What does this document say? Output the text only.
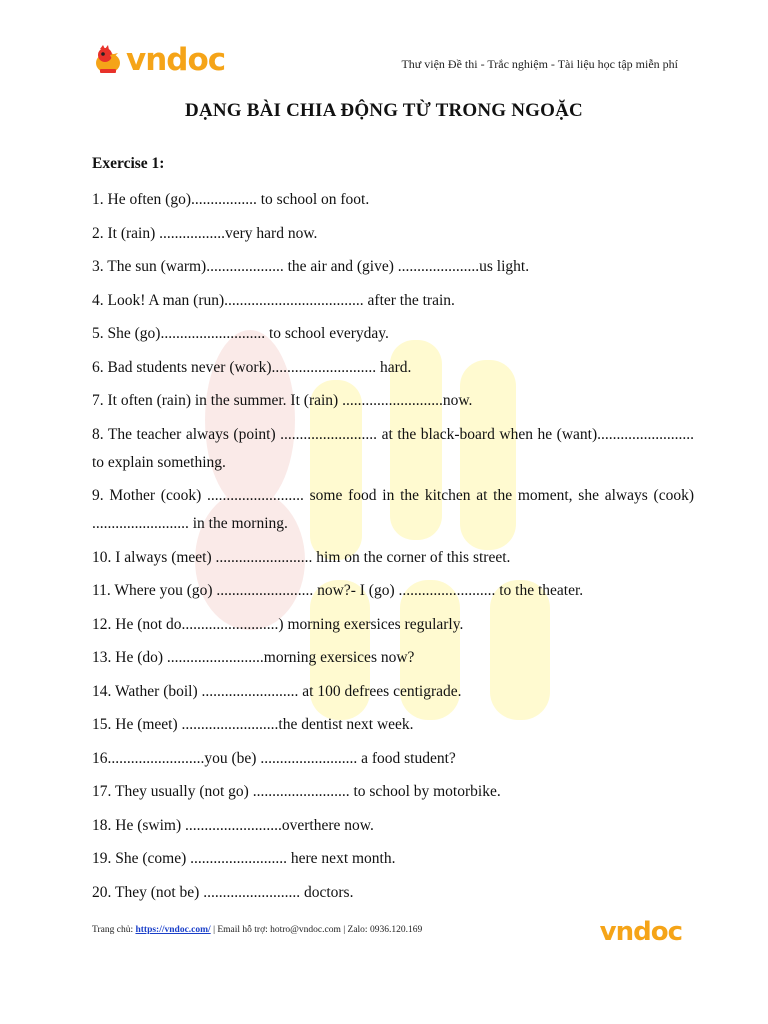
vndoc	Thư viện Đề thi - Trắc nghiệm - Tài liệu học tập miễn phí
DẠNG BÀI CHIA ĐỘNG TỪ TRONG NGOẶC
Exercise 1:
1. He often (go)................. to school on foot.
2. It (rain) .................very hard now.
3. The sun (warm).................... the air and (give) .....................us light.
4. Look! A man (run).................................... after the train.
5. She (go)........................... to school everyday.
6. Bad students never (work)........................... hard.
7. It often (rain) in the summer. It (rain) ..........................now.
8. The teacher always (point) ......................... at the black-board when he (want)......................... to explain something.
9. Mother (cook) ......................... some food in the kitchen at the moment, she always (cook) ......................... in the morning.
10. I always (meet) ......................... him on the corner of this street.
11. Where you (go) ......................... now?- I (go) ......................... to the theater.
12. He (not do.........................) morning exersices regularly.
13. He (do) .........................morning exersices now?
14. Wather (boil) ......................... at 100 defrees centigrade.
15. He (meet) .........................the dentist next week.
16.........................you (be) ......................... a food student?
17. They usually (not go) ......................... to school by motorbike.
18. He (swim) .........................overthere now.
19. She (come) ......................... here next month.
20. They (not be) ......................... doctors.
Trang chủ: https://vndoc.com/ | Email hỗ trợ: hotro@vndoc.com | Zalo: 0936.120.169	vndoc
